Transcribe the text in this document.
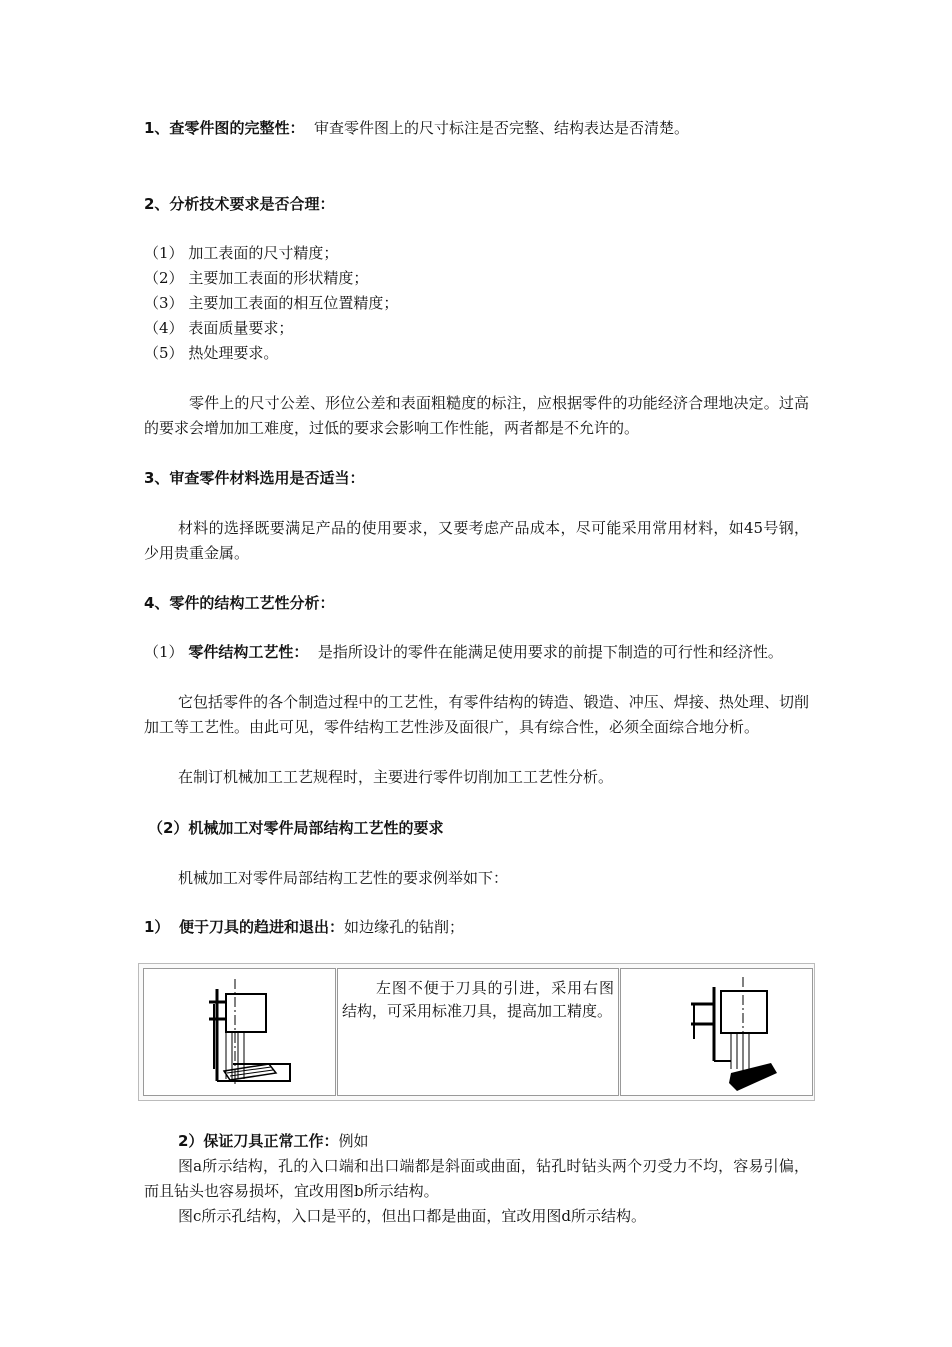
1、查零件图的完整性： 审查零件图上的尺寸标注是否完整、结构表达是否清楚。
2、分析技术要求是否合理：
（1） 加工表面的尺寸精度；
（2） 主要加工表面的形状精度；
（3） 主要加工表面的相互位置精度；
（4） 表面质量要求；
（5） 热处理要求。
零件上的尺寸公差、形位公差和表面粗糙度的标注，应根据零件的功能经济合理地决定。过高的要求会增加加工难度，过低的要求会影响工作性能，两者都是不允许的。
3、审查零件材料选用是否适当：
材料的选择既要满足产品的使用要求，又要考虑产品成本，尽可能采用常用材料，如45号钢，少用贵重金属。
4、零件的结构工艺性分析：
（1） 零件结构工艺性： 是指所设计的零件在能满足使用要求的前提下制造的可行性和经济性。
它包括零件的各个制造过程中的工艺性，有零件结构的铸造、锻造、冲压、焊接、热处理、切削加工等工艺性。由此可见，零件结构工艺性涉及面很广，具有综合性，必须全面综合地分析。
在制订机械加工工艺规程时，主要进行零件切削加工工艺性分析。
（2）机械加工对零件局部结构工艺性的要求
机械加工对零件局部结构工艺性的要求例举如下：
1） 便于刀具的趋进和退出：如边缘孔的钻削；
左图不便于刀具的引进，采用右图结构，可采用标准刀具，提高加工精度。
2）保证刀具正常工作：例如
图a所示结构，孔的入口端和出口端都是斜面或曲面，钻孔时钻头两个刃受力不均，容易引偏，而且钻头也容易损坏，宜改用图b所示结构。
图c所示孔结构，入口是平的，但出口都是曲面，宜改用图d所示结构。
